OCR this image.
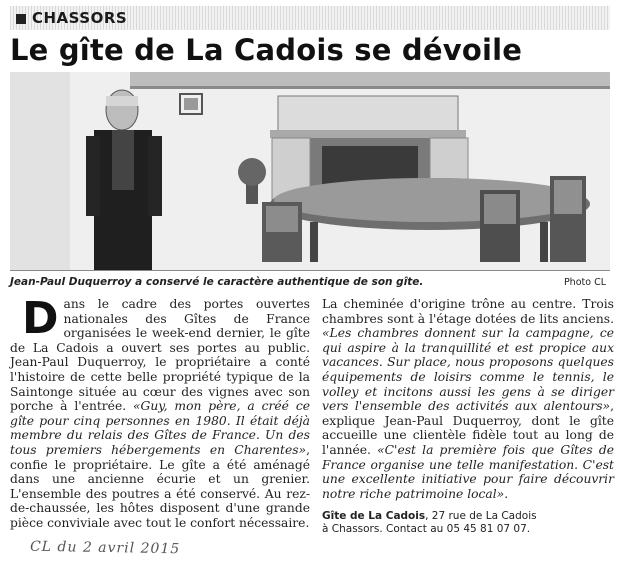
CHASSORS
Le gîte de La Cadois se dévoile
Jean-Paul Duquerroy a conservé le caractère authentique de son gîte.	Photo CL
D ans le cadre des portes ouvertes nationales des Gîtes de France organisées le week-end dernier, le gîte de La Cadois a ouvert ses portes au public. Jean-Paul Duquerroy, le propriétaire a conté l'histoire de cette belle propriété typique de la Saintonge située au cœur des vignes avec son porche à l'entrée. «Guy, mon père, a créé ce gîte pour cinq personnes en 1980. Il était déjà membre du relais des Gîtes de France. Un des tous premiers hébergements en Charentes», confie le propriétaire. Le gîte a été aménagé dans une ancienne écurie et un grenier. L'ensemble des poutres a été conservé. Au rez-de-chaussée, les hôtes disposent d'une grande pièce conviviale avec tout le confort nécessaire.

La cheminée d'origine trône au centre. Trois chambres sont à l'étage dotées de lits anciens. «Les chambres donnent sur la campagne, ce qui aspire à la tranquillité et est propice aux vacances. Sur place, nous proposons quelques équipements de loisirs comme le tennis, le volley et incitons aussi les gens à se diriger vers l'ensemble des activités aux alentours», explique Jean-Paul Duquerroy, dont le gîte accueille une clientèle fidèle tout au long de l'année. «C'est la première fois que Gîtes de France organise une telle manifestation. C'est une excellente initiative pour faire découvrir notre riche patrimoine local».

Gîte de La Cadois, 27 rue de La Cadois
à Chassors. Contact au 05 45 81 07 07.
CL du 2 avril 2015
